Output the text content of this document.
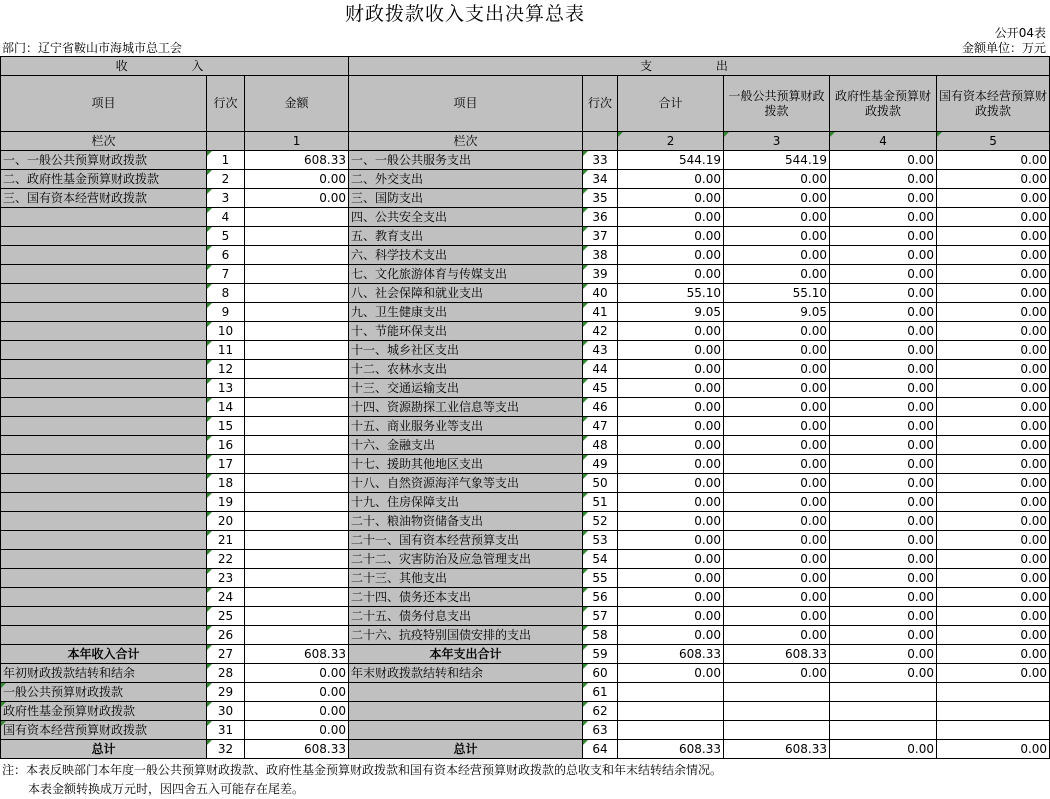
财政拨款收入支出决算总表
公开04表
部门：辽宁省鞍山市海城市总工会	金额单位：万元
收 入			支 出					
项目	行次	金额	项目	行次	合计	一般公共预算财政拨款	政府性基金预算财政拨款	国有资本经营预算财政拨款
栏次		1	栏次		2	3	4	5
一、一般公共预算财政拨款	1	608.33	一、一般公共服务支出	33	544.19	544.19	0.00	0.00
二、政府性基金预算财政拨款	2	0.00	二、外交支出	34	0.00	0.00	0.00	0.00
三、国有资本经营财政拨款	3	0.00	三、国防支出	35	0.00	0.00	0.00	0.00
	4		四、公共安全支出	36	0.00	0.00	0.00	0.00
	5		五、教育支出	37	0.00	0.00	0.00	0.00
	6		六、科学技术支出	38	0.00	0.00	0.00	0.00
	7		七、文化旅游体育与传媒支出	39	0.00	0.00	0.00	0.00
	8		八、社会保障和就业支出	40	55.10	55.10	0.00	0.00
	9		九、卫生健康支出	41	9.05	9.05	0.00	0.00
	10		十、节能环保支出	42	0.00	0.00	0.00	0.00
	11		十一、城乡社区支出	43	0.00	0.00	0.00	0.00
	12		十二、农林水支出	44	0.00	0.00	0.00	0.00
	13		十三、交通运输支出	45	0.00	0.00	0.00	0.00
	14		十四、资源勘探工业信息等支出	46	0.00	0.00	0.00	0.00
	15		十五、商业服务业等支出	47	0.00	0.00	0.00	0.00
	16		十六、金融支出	48	0.00	0.00	0.00	0.00
	17		十七、援助其他地区支出	49	0.00	0.00	0.00	0.00
	18		十八、自然资源海洋气象等支出	50	0.00	0.00	0.00	0.00
	19		十九、住房保障支出	51	0.00	0.00	0.00	0.00
	20		二十、粮油物资储备支出	52	0.00	0.00	0.00	0.00
	21		二十一、国有资本经营预算支出	53	0.00	0.00	0.00	0.00
	22		二十二、灾害防治及应急管理支出	54	0.00	0.00	0.00	0.00
	23		二十三、其他支出	55	0.00	0.00	0.00	0.00
	24		二十四、债务还本支出	56	0.00	0.00	0.00	0.00
	25		二十五、债务付息支出	57	0.00	0.00	0.00	0.00
	26		二十六、抗疫特别国债安排的支出	58	0.00	0.00	0.00	0.00
本年收入合计	27	608.33	本年支出合计	59	608.33	608.33	0.00	0.00
年初财政拨款结转和结余	28	0.00	年末财政拨款结转和结余	60	0.00	0.00	0.00	0.00
一般公共预算财政拨款	29	0.00		61				
政府性基金预算财政拨款	30	0.00		62				
国有资本经营预算财政拨款	31	0.00		63				
总计	32	608.33	总计	64	608.33	608.33	0.00	0.00
注：本表反映部门本年度一般公共预算财政拨款、政府性基金预算财政拨款和国有资本经营预算财政拨款的总收支和年末结转结余情况。
本表金额转换成万元时，因四舍五入可能存在尾差。
